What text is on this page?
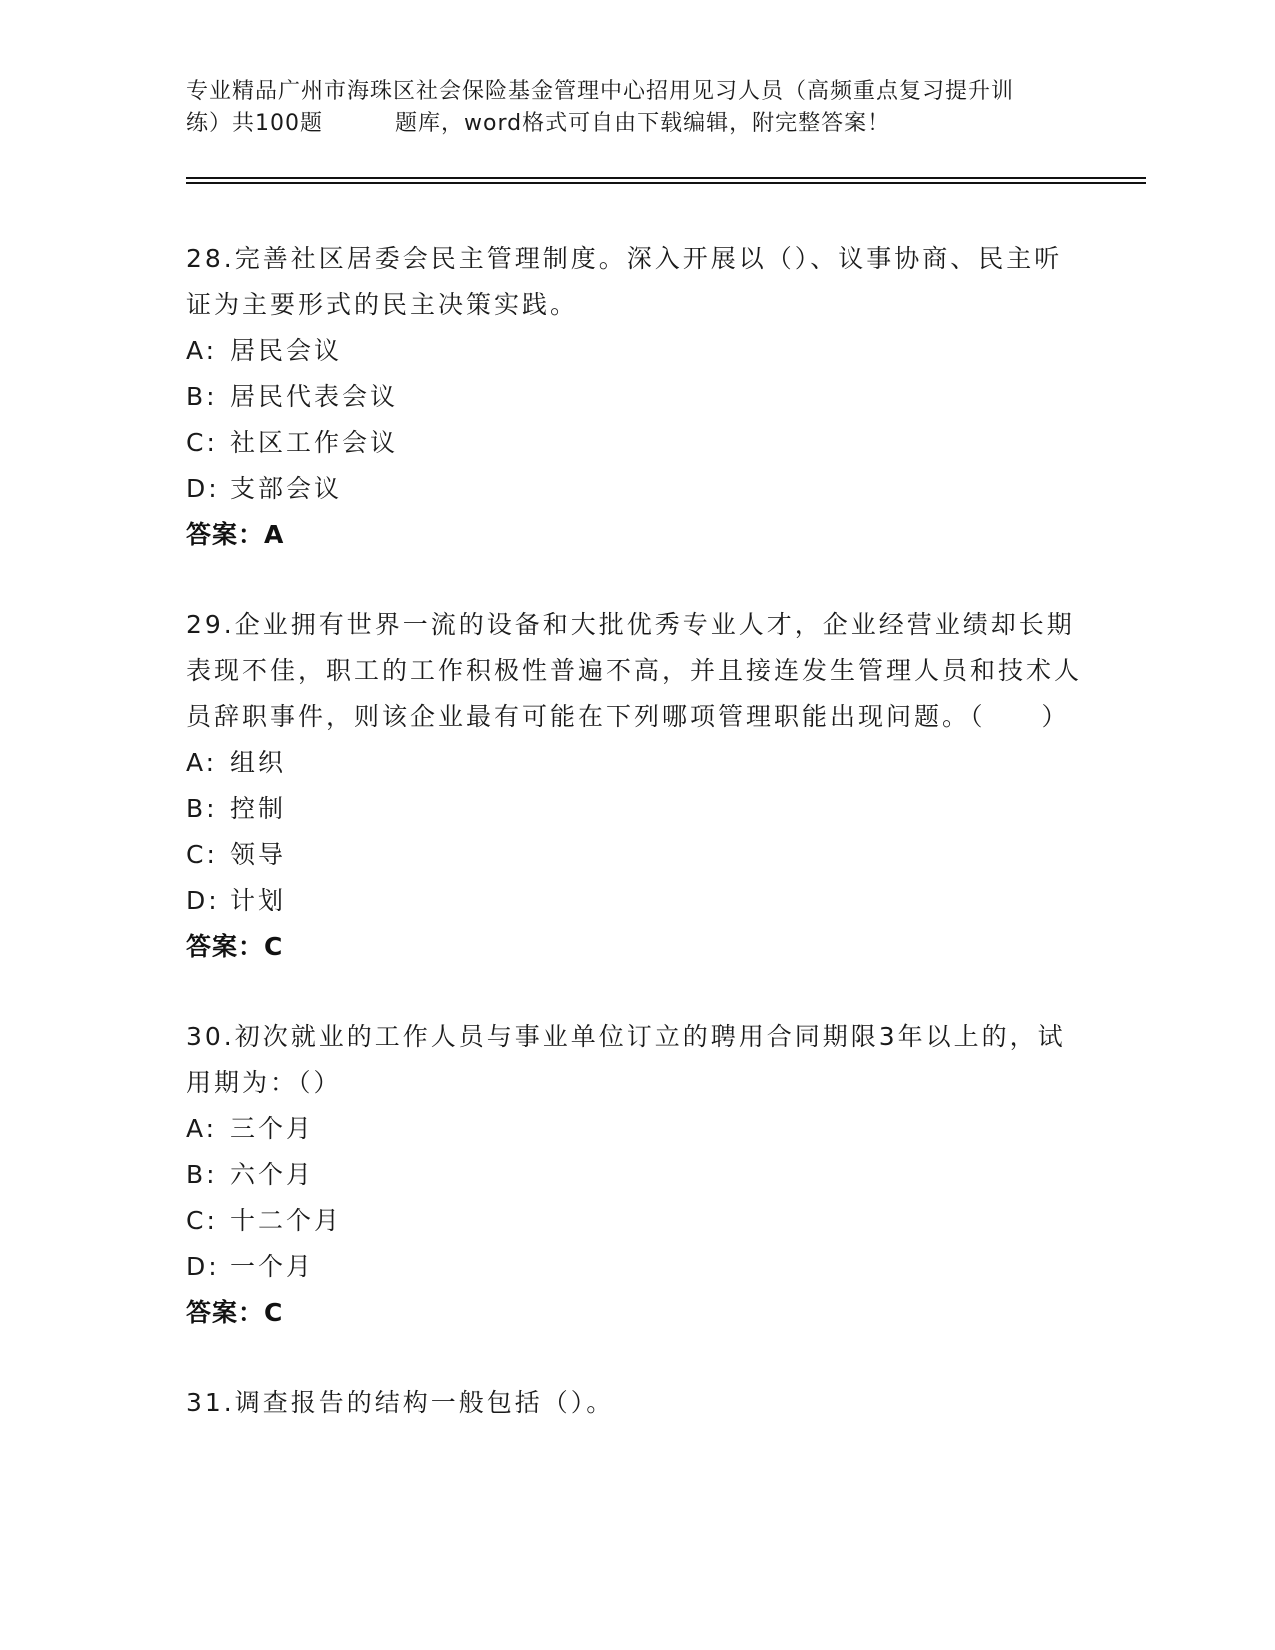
专业精品广州市海珠区社会保险基金管理中心招用见习人员（高频重点复习提升训
练）共100题	题库，word格式可自由下载编辑，附完整答案！
28.完善社区居委会民主管理制度。深入开展以（）、议事协商、民主听证为主要形式的民主决策实践。
A: 居民会议
B: 居民代表会议
C: 社区工作会议
D: 支部会议
答案：A
29.企业拥有世界一流的设备和大批优秀专业人才，企业经营业绩却长期表现不佳，职工的工作积极性普遍不高，并且接连发生管理人员和技术人员辞职事件，则该企业最有可能在下列哪项管理职能出现问题。（　　）
A: 组织
B: 控制
C: 领导
D: 计划
答案：C
30.初次就业的工作人员与事业单位订立的聘用合同期限3年以上的，试用期为：（）
A: 三个月
B: 六个月
C: 十二个月
D: 一个月
答案：C
31.调查报告的结构一般包括（）。
